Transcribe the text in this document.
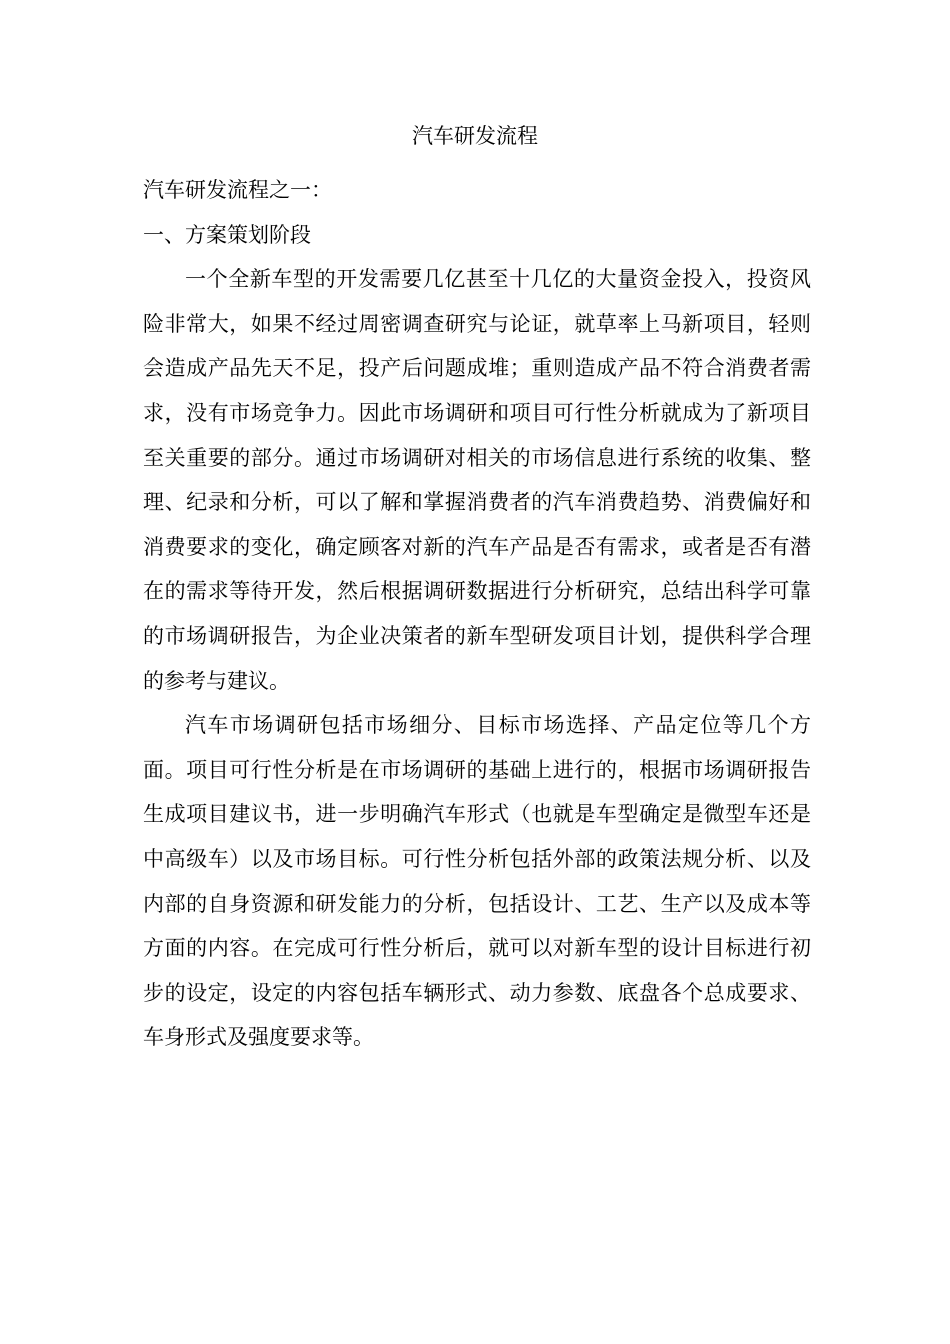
汽车研发流程

汽车研发流程之一：

一、方案策划阶段

一个全新车型的开发需要几亿甚至十几亿的大量资金投入，投资风险非常大，如果不经过周密调查研究与论证，就草率上马新项目，轻则会造成产品先天不足，投产后问题成堆；重则造成产品不符合消费者需求，没有市场竞争力。因此市场调研和项目可行性分析就成为了新项目至关重要的部分。通过市场调研对相关的市场信息进行系统的收集、整理、纪录和分析，可以了解和掌握消费者的汽车消费趋势、消费偏好和消费要求的变化，确定顾客对新的汽车产品是否有需求，或者是否有潜在的需求等待开发，然后根据调研数据进行分析研究，总结出科学可靠的市场调研报告，为企业决策者的新车型研发项目计划，提供科学合理的参考与建议。

汽车市场调研包括市场细分、目标市场选择、产品定位等几个方面。项目可行性分析是在市场调研的基础上进行的，根据市场调研报告生成项目建议书，进一步明确汽车形式（也就是车型确定是微型车还是中高级车）以及市场目标。可行性分析包括外部的政策法规分析、以及内部的自身资源和研发能力的分析，包括设计、工艺、生产以及成本等方面的内容。在完成可行性分析后，就可以对新车型的设计目标进行初步的设定，设定的内容包括车辆形式、动力参数、底盘各个总成要求、车身形式及强度要求等。
